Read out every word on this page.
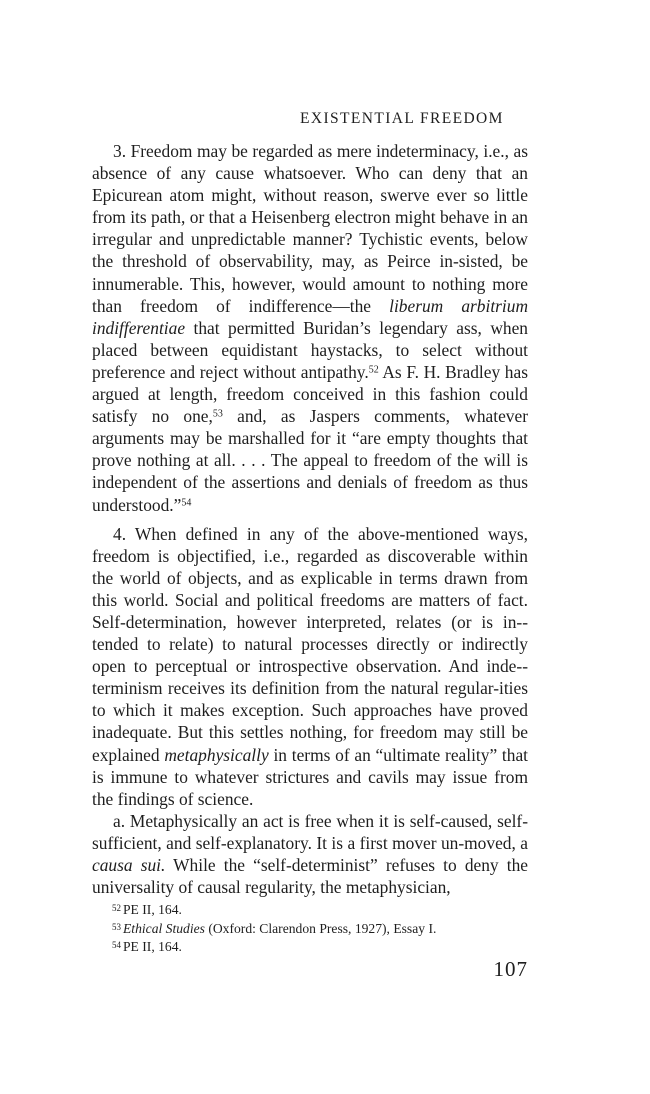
EXISTENTIAL FREEDOM

3. Freedom may be regarded as mere indeterminacy, i.e., as absence of any cause whatsoever. Who can deny that an Epicurean atom might, without reason, swerve ever so little from its path, or that a Heisenberg electron might behave in an irregular and unpredictable manner? Tychistic events, below the threshold of observability, may, as Peirce in-sisted, be innumerable. This, however, would amount to nothing more than freedom of indifference—the liberum arbitrium indifferentiae that permitted Buridan’s legendary ass, when placed between equidistant haystacks, to select without preference and reject without antipathy.$^{52}$ As F. H. Bradley has argued at length, freedom conceived in this fashion could satisfy no one,$^{53}$ and, as Jaspers comments, whatever arguments may be marshalled for it “are empty thoughts that prove nothing at all. . . . The appeal to freedom of the will is independent of the assertions and denials of freedom as thus understood.”$^{54}$

4. When defined in any of the above-mentioned ways, freedom is objectified, i.e., regarded as discoverable within the world of objects, and as explicable in terms drawn from this world. Social and political freedoms are matters of fact. Self-determination, however interpreted, relates (or is in-tended to relate) to natural processes directly or indirectly open to perceptual or introspective observation. And inde-terminism receives its definition from the natural regular-ities to which it makes exception. Such approaches have proved inadequate. But this settles nothing, for freedom may still be explained metaphysically in terms of an “ultimate reality” that is immune to whatever strictures and cavils may issue from the findings of science.

a. Metaphysically an act is free when it is self-caused, self-sufficient, and self-explanatory. It is a first mover un-moved, a causa sui. While the “self-determinist” refuses to deny the universality of causal regularity, the metaphysician,

$^{52}$ PE II, 164.

$^{53}$ Ethical Studies (Oxford: Clarendon Press, 1927), Essay I.

$^{54}$ PE II, 164.

107
